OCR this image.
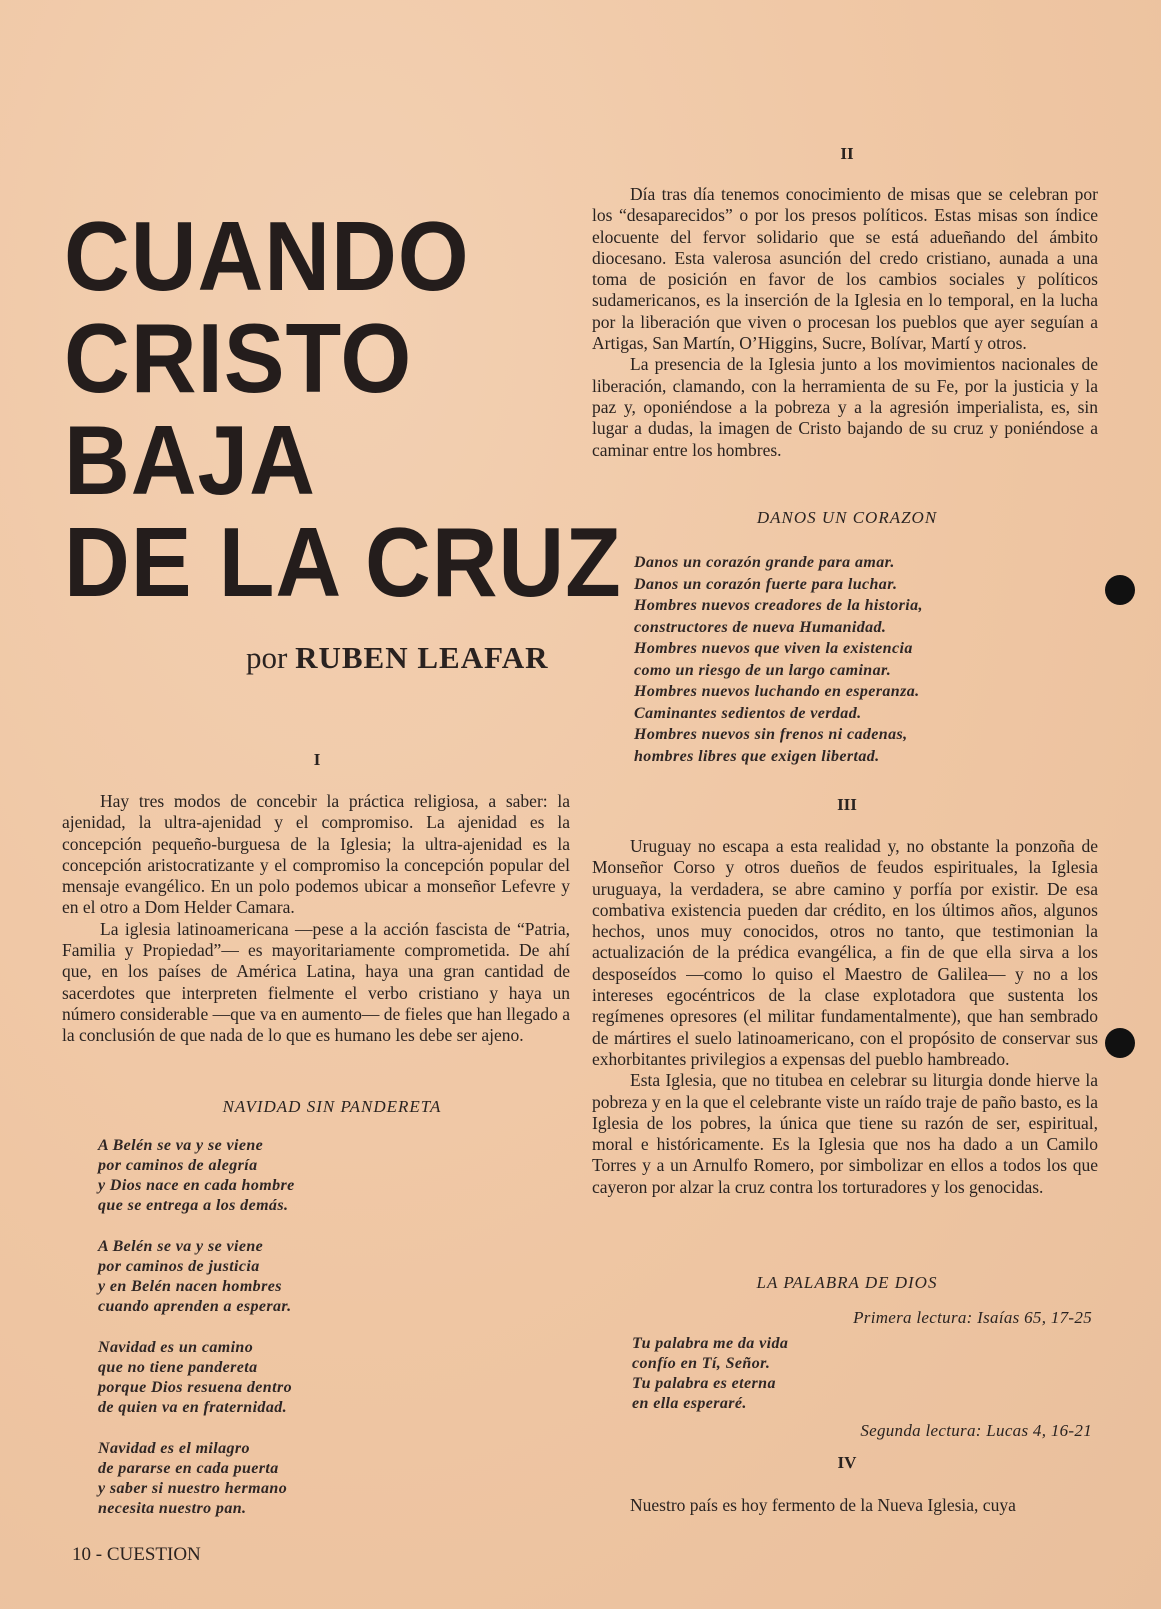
CUANDO
CRISTO
BAJA
DE LA CRUZ
por RUBEN LEAFAR
I

Hay tres modos de concebir la práctica religiosa, a saber: la ajenidad, la ultra-ajenidad y el compromiso. La ajenidad es la concepción pequeño-burguesa de la Iglesia; la ultra-ajenidad es la concepción aristocratizante y el compromiso la concepción popular del mensaje evangélico. En un polo podemos ubicar a monseñor Lefevre y en el otro a Dom Helder Camara.

La iglesia latinoamericana —pese a la acción fascista de “Patria, Familia y Propiedad”— es mayoritariamente comprometida. De ahí que, en los países de América Latina, haya una gran cantidad de sacerdotes que interpreten fielmente el verbo cristiano y haya un número considerable —que va en aumento— de fieles que han llegado a la conclusión de que nada de lo que es humano les debe ser ajeno.

NAVIDAD SIN PANDERETA
A Belén se va y se viene
por caminos de alegría
y Dios nace en cada hombre
que se entrega a los demás.
A Belén se va y se viene
por caminos de justicia
y en Belén nacen hombres
cuando aprenden a esperar.
Navidad es un camino
que no tiene pandereta
porque Dios resuena dentro
de quien va en fraternidad.
Navidad es el milagro
de pararse en cada puerta
y saber si nuestro hermano
necesita nuestro pan.
II

Día tras día tenemos conocimiento de misas que se celebran por los “desaparecidos” o por los presos políticos. Estas misas son índice elocuente del fervor solidario que se está adueñando del ámbito diocesano. Esta valerosa asunción del credo cristiano, aunada a una toma de posición en favor de los cambios sociales y políticos sudamericanos, es la inserción de la Iglesia en lo temporal, en la lucha por la liberación que viven o procesan los pueblos que ayer seguían a Artigas, San Martín, O’Higgins, Sucre, Bolívar, Martí y otros.

La presencia de la Iglesia junto a los movimientos nacionales de liberación, clamando, con la herramienta de su Fe, por la justicia y la paz y, oponiéndose a la pobreza y a la agresión imperialista, es, sin lugar a dudas, la imagen de Cristo bajando de su cruz y poniéndose a caminar entre los hombres.

DANOS UN CORAZON
Danos un corazón grande para amar.
Danos un corazón fuerte para luchar.
Hombres nuevos creadores de la historia,
constructores de nueva Humanidad.
Hombres nuevos que viven la existencia
como un riesgo de un largo caminar.
Hombres nuevos luchando en esperanza.
Caminantes sedientos de verdad.
Hombres nuevos sin frenos ni cadenas,
hombres libres que exigen libertad.
III

Uruguay no escapa a esta realidad y, no obstante la ponzoña de Monseñor Corso y otros dueños de feudos espirituales, la Iglesia uruguaya, la verdadera, se abre camino y porfía por existir. De esa combativa existencia pueden dar crédito, en los últimos años, algunos hechos, unos muy conocidos, otros no tanto, que testimonian la actualización de la prédica evangélica, a fin de que ella sirva a los desposeídos —como lo quiso el Maestro de Galilea— y no a los intereses egocéntricos de la clase explotadora que sustenta los regímenes opresores (el militar fundamentalmente), que han sembrado de mártires el suelo latinoamericano, con el propósito de conservar sus exhorbitantes privilegios a expensas del pueblo hambreado.

Esta Iglesia, que no titubea en celebrar su liturgia donde hierve la pobreza y en la que el celebrante viste un raído traje de paño basto, es la Iglesia de los pobres, la única que tiene su razón de ser, espiritual, moral e históricamente. Es la Iglesia que nos ha dado a un Camilo Torres y a un Arnulfo Romero, por simbolizar en ellos a todos los que cayeron por alzar la cruz contra los torturadores y los genocidas.

LA PALABRA DE DIOS
Primera lectura: Isaías 65, 17-25
Tu palabra me da vida
confío en Tí, Señor.
Tu palabra es eterna
en ella esperaré.
Segunda lectura: Lucas 4, 16-21
IV

Nuestro país es hoy fermento de la Nueva Iglesia, cuya

10 - CUESTION
